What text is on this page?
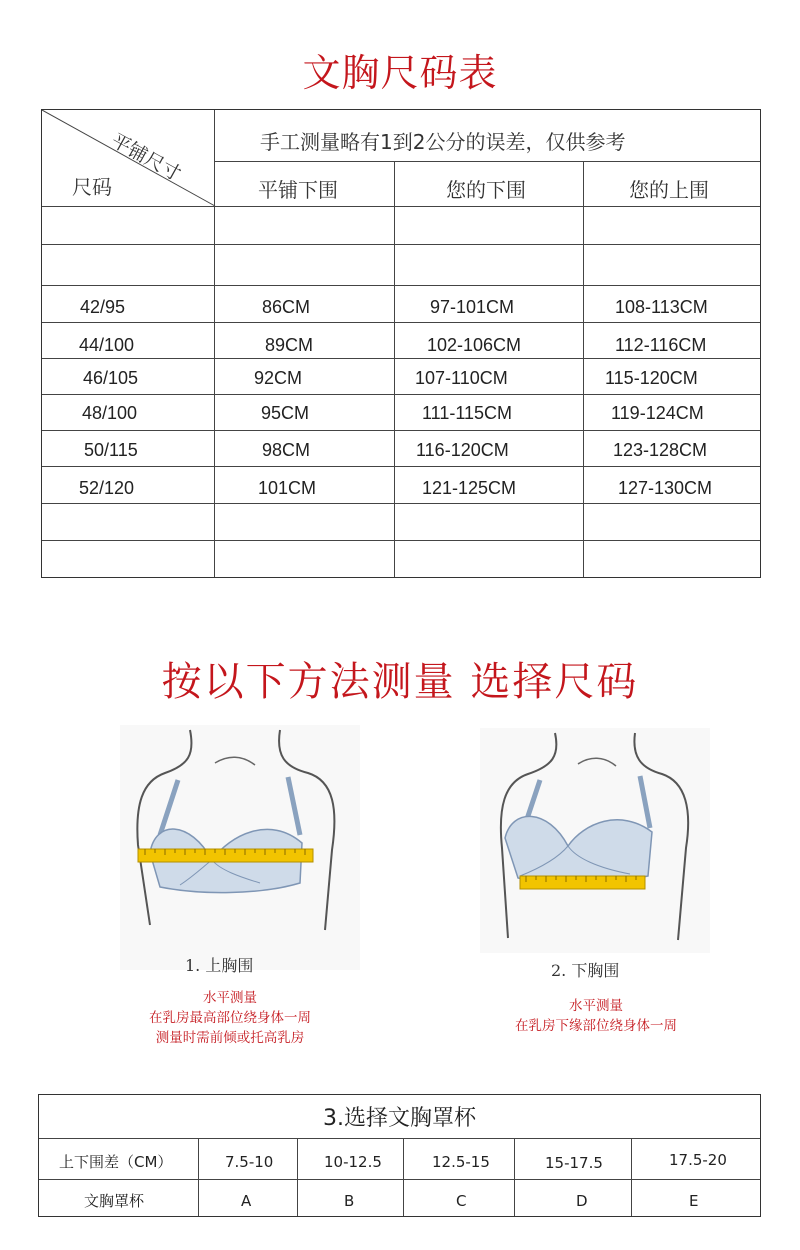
文胸尺码表
平铺尺寸
尺码
手工测量略有1到2公分的误差，仅供参考
平铺下围	您的下围	您的上围
42/95	86CM	97-101CM	108-113CM
44/100	89CM	102-106CM	112-116CM
46/105	92CM	107-110CM	115-120CM
48/100	95CM	111-115CM	119-124CM
50/115	98CM	116-120CM	123-128CM
52/120	101CM	121-125CM	127-130CM
按以下方法测量 选择尺码
1. 上胸围
水平测量
在乳房最高部位绕身体一周
测量时需前倾或托高乳房
2. 下胸围
水平测量
在乳房下缘部位绕身体一周
3.选择文胸罩杯
上下围差（CM）	7.5-10	10-12.5	12.5-15	15-17.5	17.5-20
文胸罩杯	A	B	C	D	E
